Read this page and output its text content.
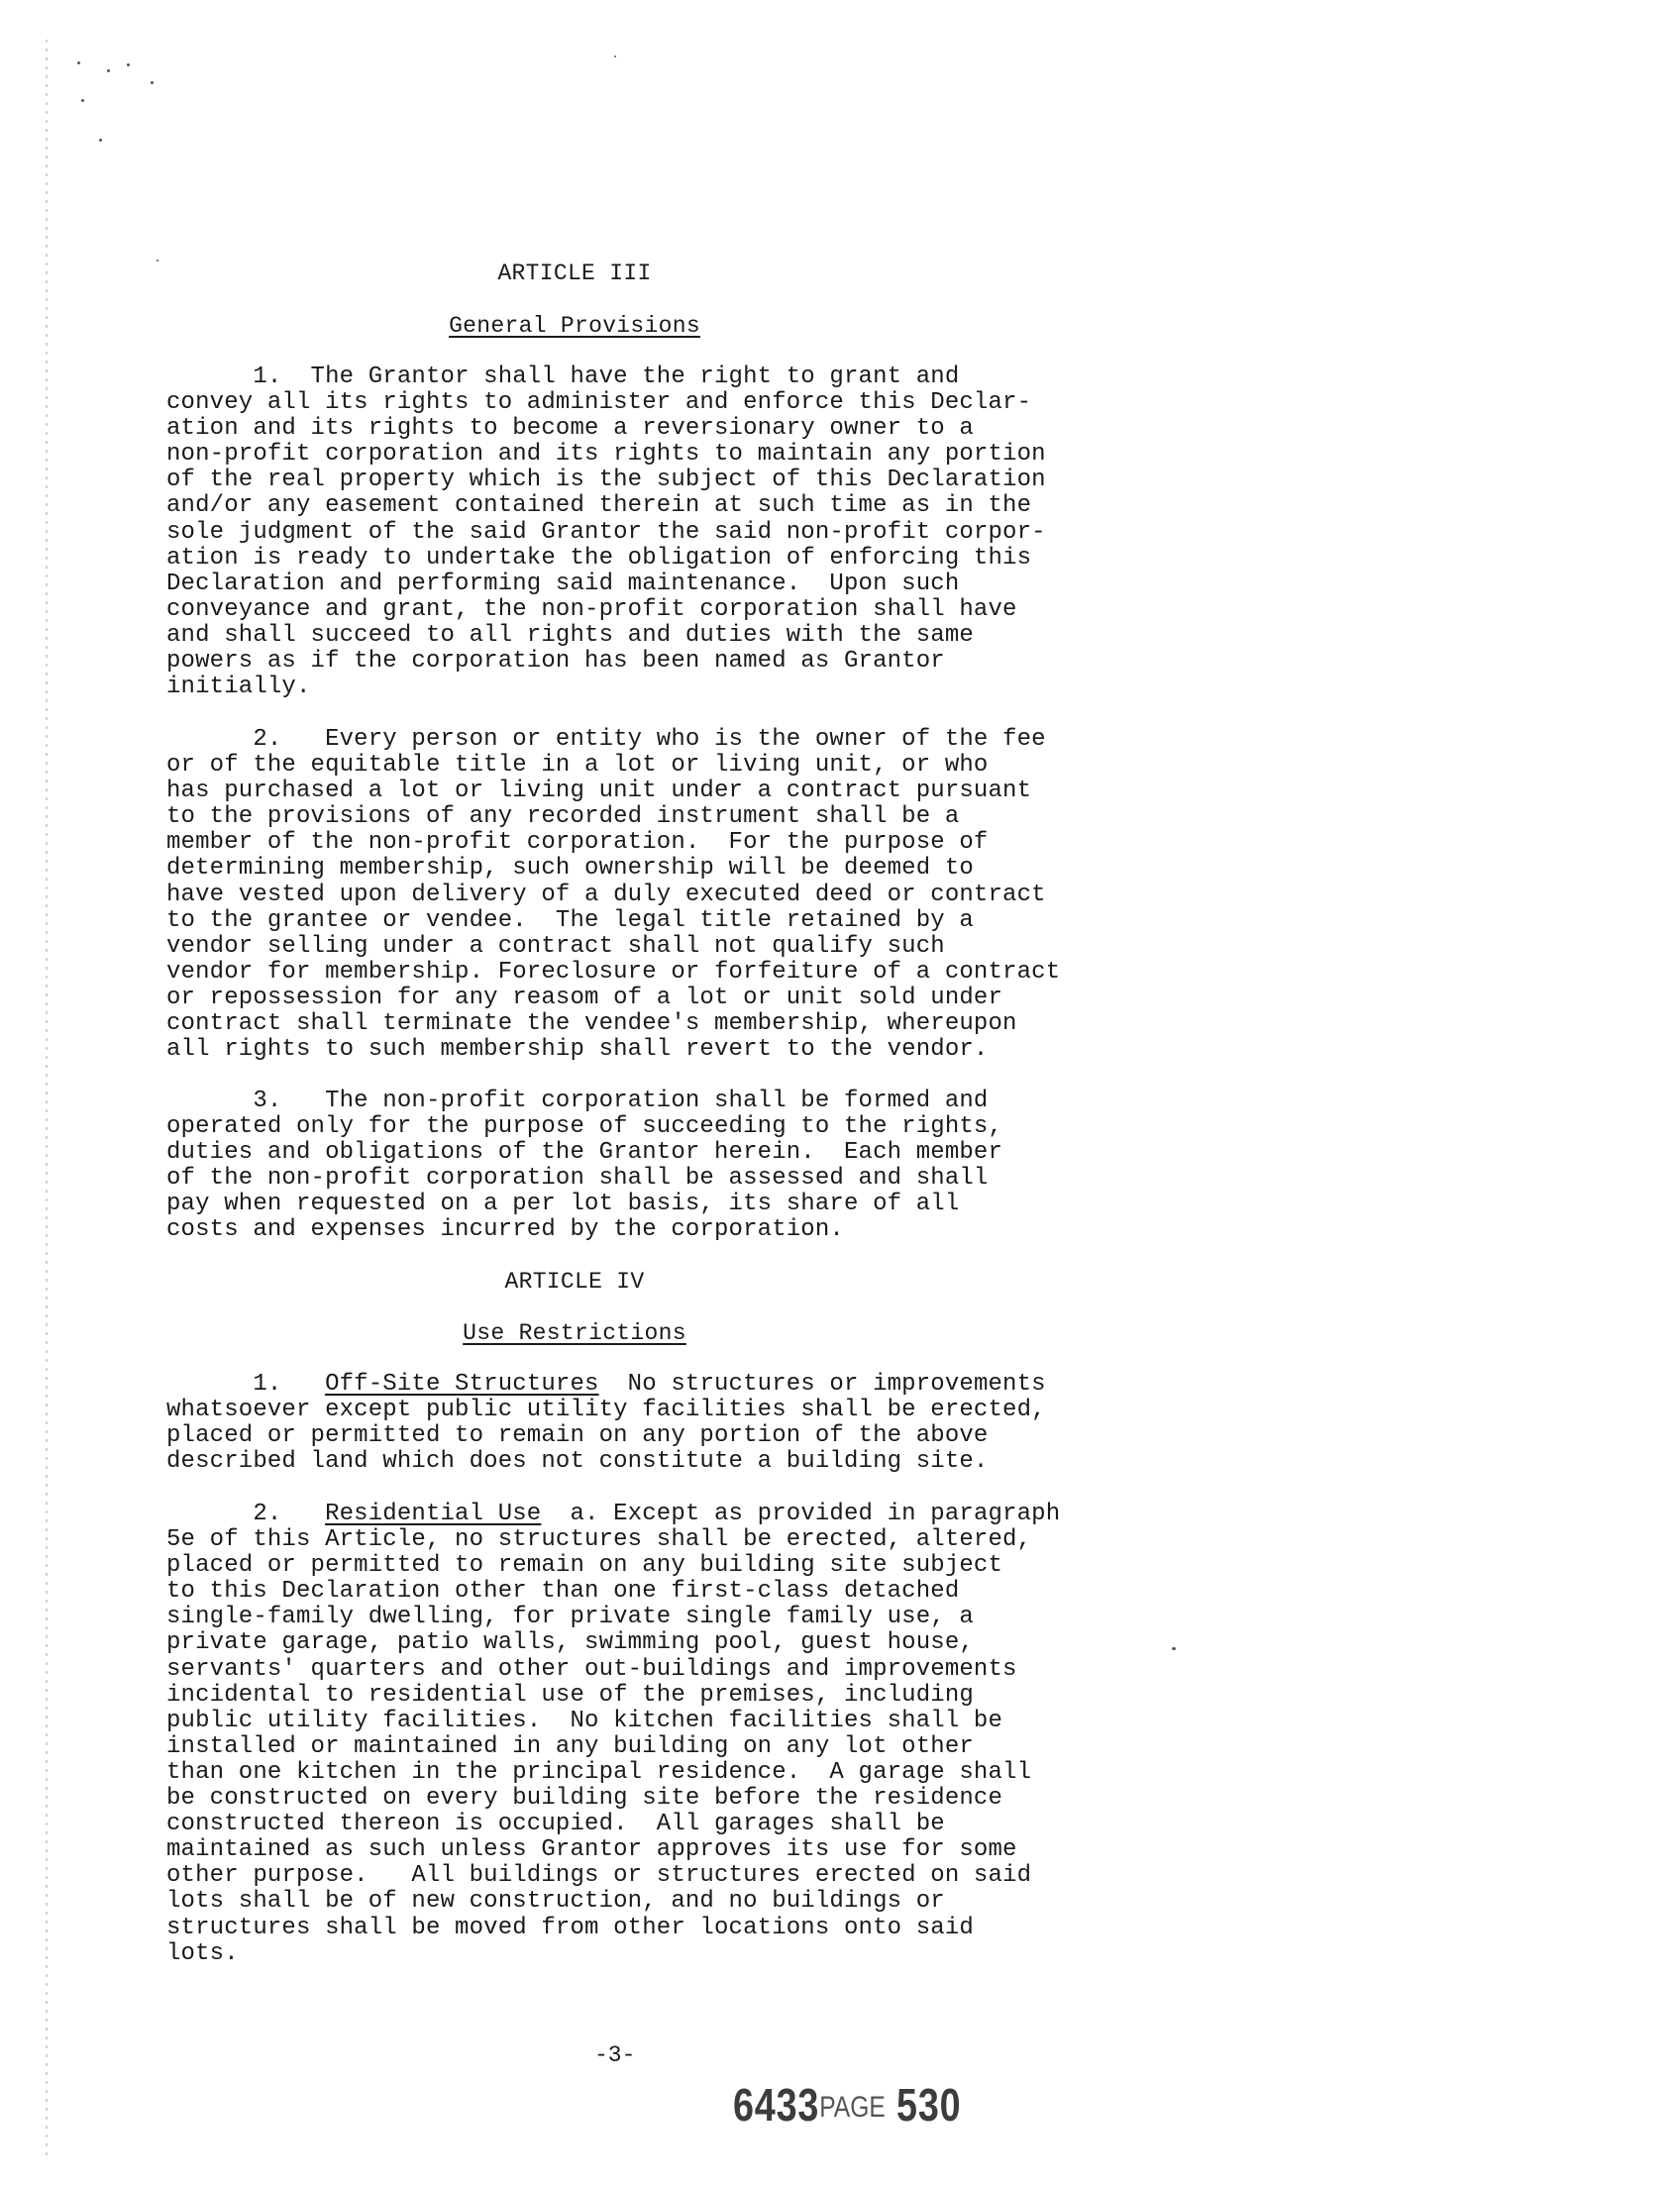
ARTICLE III
General Provisions
1.  The Grantor shall have the right to grant and
convey all its rights to administer and enforce this Declar-
ation and its rights to become a reversionary owner to a
non-profit corporation and its rights to maintain any portion
of the real property which is the subject of this Declaration
and/or any easement contained therein at such time as in the
sole judgment of the said Grantor the said non-profit corpor-
ation is ready to undertake the obligation of enforcing this
Declaration and performing said maintenance.  Upon such
conveyance and grant, the non-profit corporation shall have
and shall succeed to all rights and duties with the same
powers as if the corporation has been named as Grantor
initially.
2.   Every person or entity who is the owner of the fee
or of the equitable title in a lot or living unit, or who
has purchased a lot or living unit under a contract pursuant
to the provisions of any recorded instrument shall be a
member of the non-profit corporation.  For the purpose of
determining membership, such ownership will be deemed to
have vested upon delivery of a duly executed deed or contract
to the grantee or vendee.  The legal title retained by a
vendor selling under a contract shall not qualify such
vendor for membership. Foreclosure or forfeiture of a contract
or repossession for any reasom of a lot or unit sold under
contract shall terminate the vendee's membership, whereupon
all rights to such membership shall revert to the vendor.
3.   The non-profit corporation shall be formed and
operated only for the purpose of succeeding to the rights,
duties and obligations of the Grantor herein.  Each member
of the non-profit corporation shall be assessed and shall
pay when requested on a per lot basis, its share of all
costs and expenses incurred by the corporation.
ARTICLE IV
Use Restrictions
1.   Off-Site Structures  No structures or improvements
whatsoever except public utility facilities shall be erected,
placed or permitted to remain on any portion of the above
described land which does not constitute a building site.
2.   Residential Use  a. Except as provided in paragraph
5e of this Article, no structures shall be erected, altered,
placed or permitted to remain on any building site subject
to this Declaration other than one first-class detached
single-family dwelling, for private single family use, a
private garage, patio walls, swimming pool, guest house,
servants' quarters and other out-buildings and improvements
incidental to residential use of the premises, including
public utility facilities.  No kitchen facilities shall be
installed or maintained in any building on any lot other
than one kitchen in the principal residence.  A garage shall
be constructed on every building site before the residence
constructed thereon is occupied.  All garages shall be
maintained as such unless Grantor approves its use for some
other purpose.   All buildings or structures erected on said
lots shall be of new construction, and no buildings or
structures shall be moved from other locations onto said
lots.
-3-
6433PAGE 530
